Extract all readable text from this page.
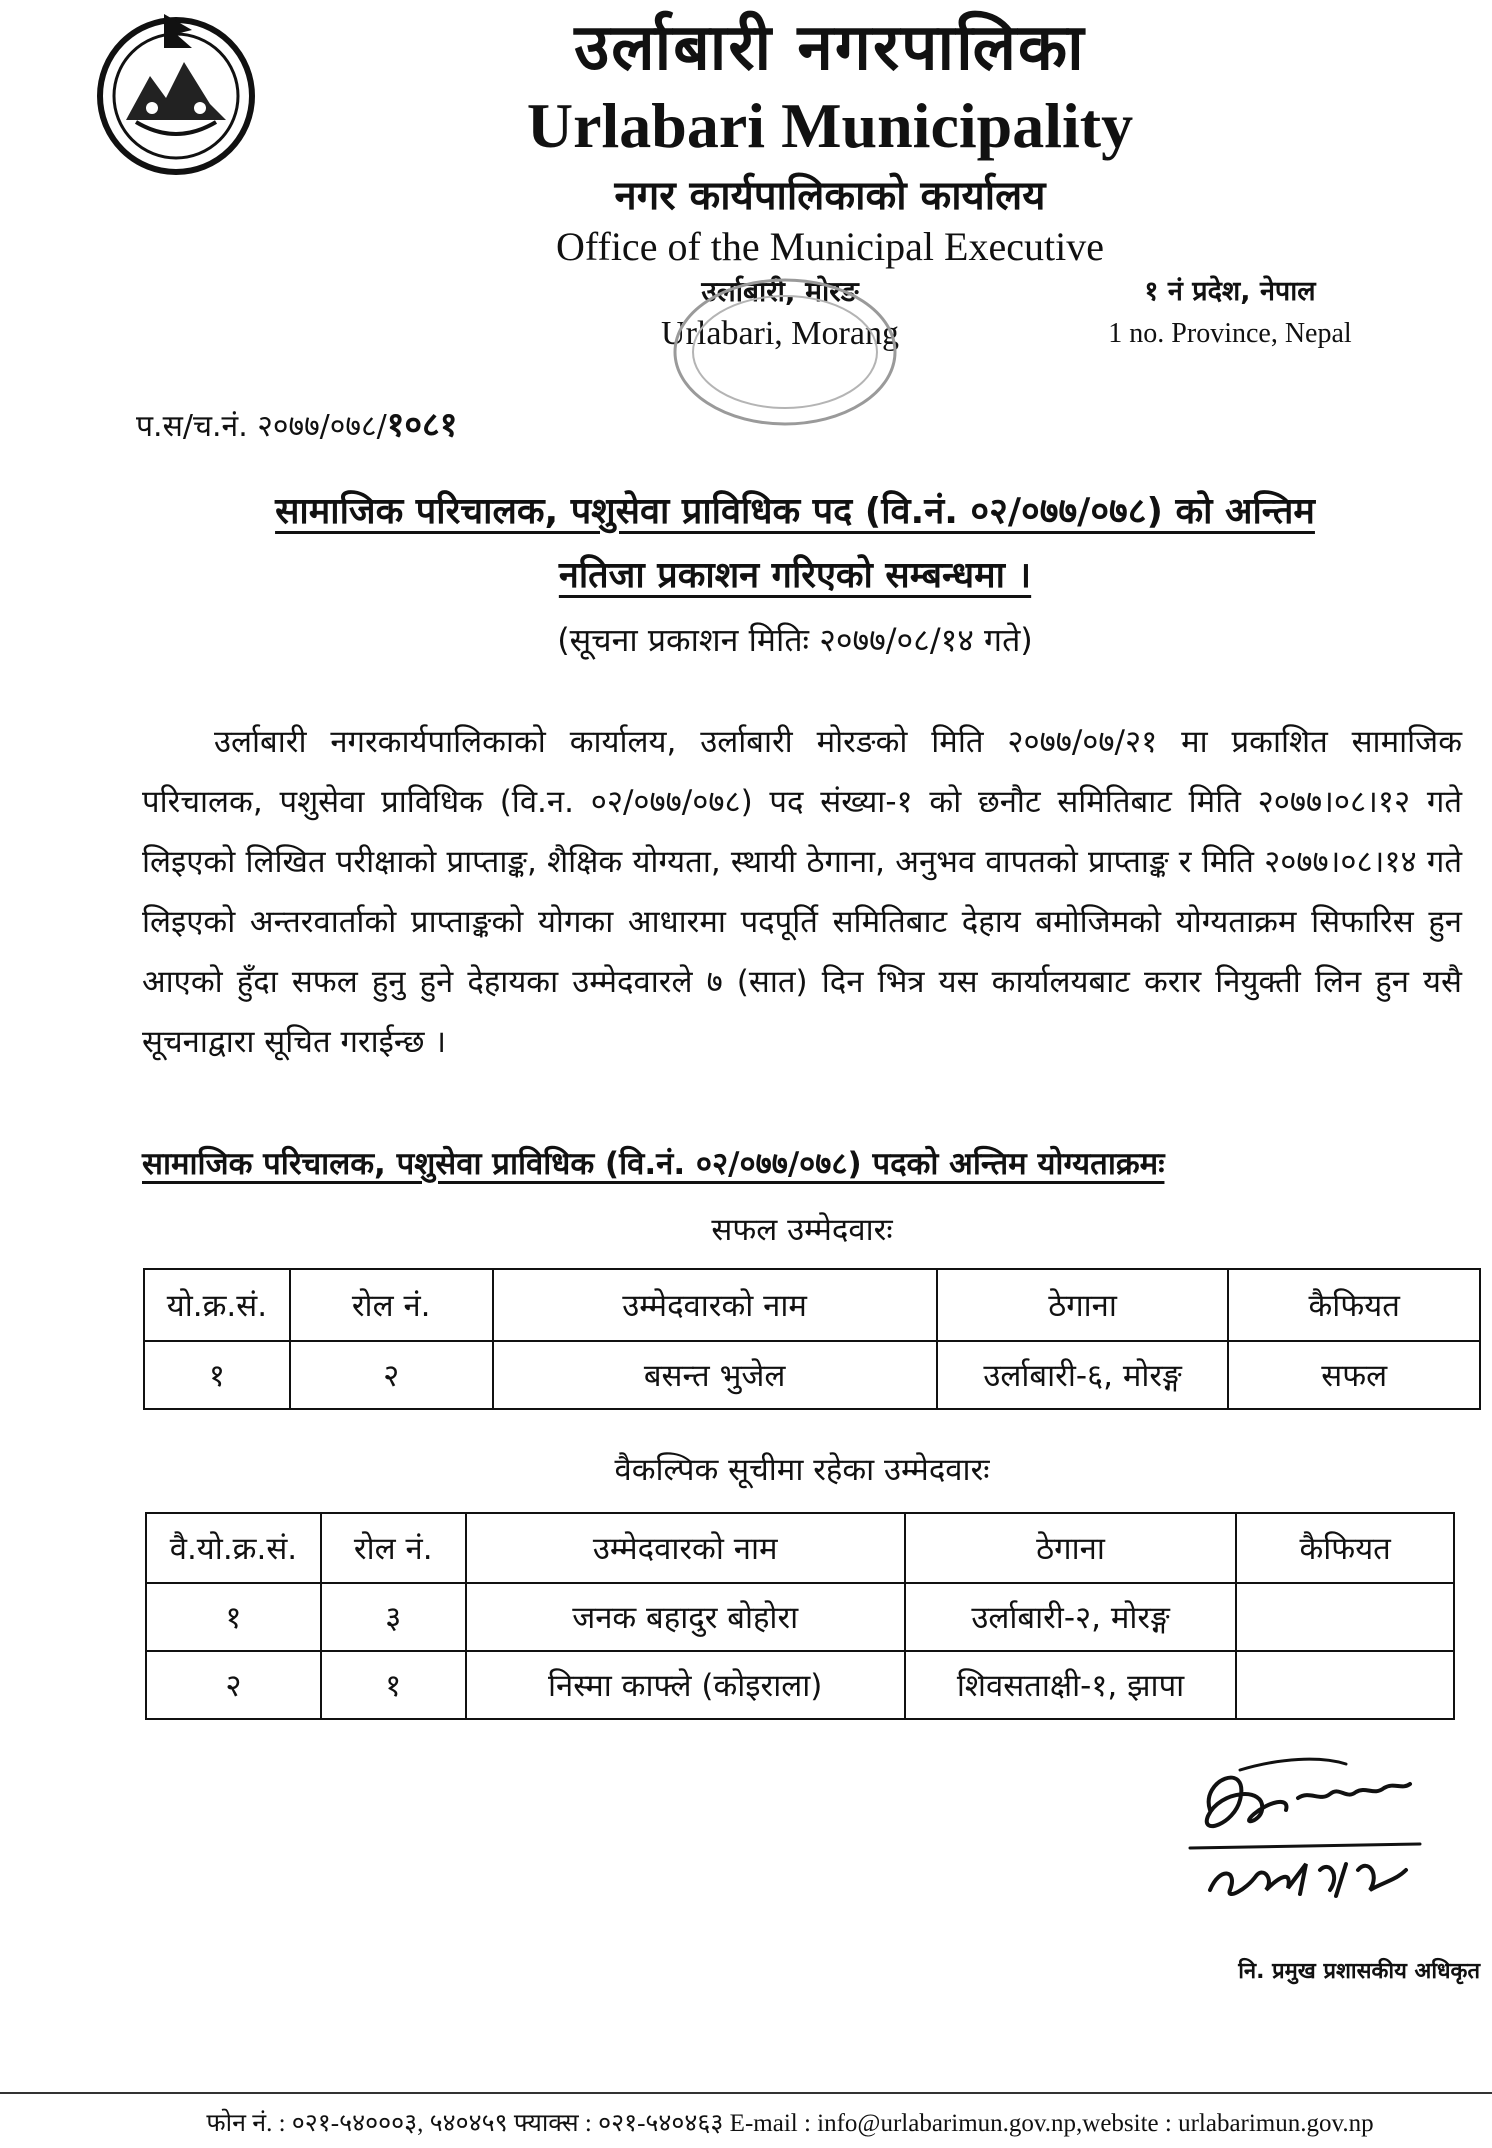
उर्लाबारी नगरपालिका
Urlabari Municipality
नगर कार्यपालिकाको कार्यालय
Office of the Municipal Executive
उर्लाबारी, मोरङ
Urlabari, Morang
१ नं प्रदेश, नेपाल
1 no. Province, Nepal
प.स/च.नं. २०७७/०७८/१०८१
सामाजिक परिचालक, पशुसेवा प्राविधिक पद (वि.नं. ०२/०७७/०७८) को अन्तिम
नतिजा प्रकाशन गरिएको सम्बन्धमा ।
(सूचना प्रकाशन मितिः २०७७/०८/१४ गते)
उर्लाबारी नगरकार्यपालिकाको कार्यालय, उर्लाबारी मोरङको मिति २०७७/०७/२१ मा प्रकाशित सामाजिक परिचालक, पशुसेवा प्राविधिक (वि.न. ०२/०७७/०७८) पद संख्या-१ को छनौट समितिबाट मिति २०७७।०८।१२ गते लिइएको लिखित परीक्षाको प्राप्ताङ्क, शैक्षिक योग्यता, स्थायी ठेगाना, अनुभव वापतको प्राप्ताङ्क र मिति २०७७।०८।१४ गते लिइएको अन्तरवार्ताको प्राप्ताङ्कको योगका आधारमा पदपूर्ति समितिबाट देहाय बमोजिमको योग्यताक्रम सिफारिस हुन आएको हुँदा सफल हुनु हुने देहायका उम्मेदवारले ७ (सात) दिन भित्र यस कार्यालयबाट करार नियुक्ती लिन हुन यसै सूचनाद्वारा सूचित गराईन्छ ।
सामाजिक परिचालक, पशुसेवा प्राविधिक (वि.नं. ०२/०७७/०७८) पदको अन्तिम योग्यताक्रमः
सफल उम्मेदवारः
यो.क्र.सं.	रोल नं.	उम्मेदवारको नाम	ठेगाना	कैफियत
१	२	बसन्त भुजेल	उर्लाबारी-६, मोरङ्ग	सफल
वैकल्पिक सूचीमा रहेका उम्मेदवारः
वै.यो.क्र.सं.	रोल नं.	उम्मेदवारको नाम	ठेगाना	कैफियत
१	३	जनक बहादुर बोहोरा	उर्लाबारी-२, मोरङ्ग	
२	१	निस्मा काफ्ले (कोइराला)	शिवसताक्षी-१, झापा	
नि. प्रमुख प्रशासकीय अधिकृत
फोन नं. : ०२१-५४०००३, ५४०४५९ फ्याक्स : ०२१-५४०४६३ E-mail : info@urlabarimun.gov.np,website : urlabarimun.gov.np
